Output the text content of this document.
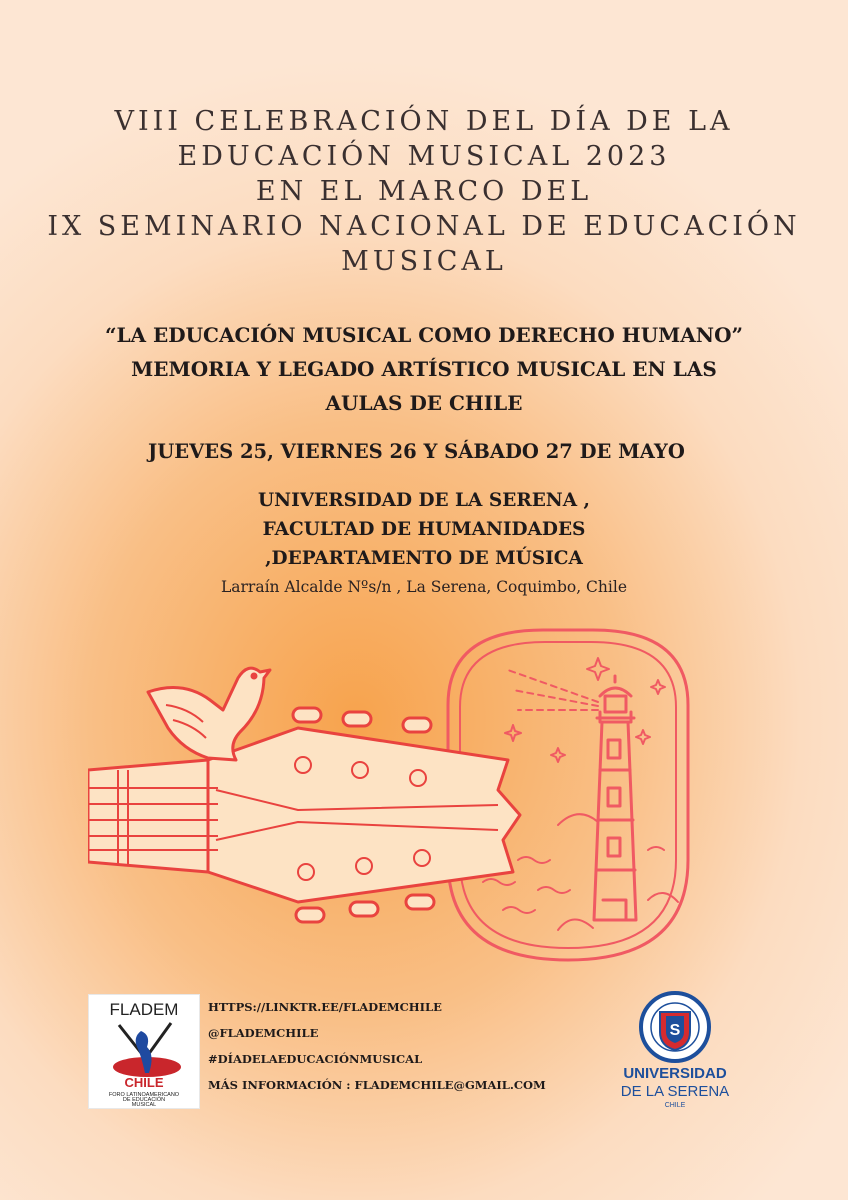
VIII CELEBRACIÓN DEL DÍA DE LA
EDUCACIÓN MUSICAL 2023
EN EL MARCO DEL
IX SEMINARIO NACIONAL DE EDUCACIÓN
MUSICAL
“LA EDUCACIÓN MUSICAL COMO DERECHO HUMANO”
MEMORIA Y LEGADO ARTÍSTICO MUSICAL EN LAS
AULAS DE CHILE
JUEVES 25, VIERNES 26 Y SÁBADO 27 DE MAYO
UNIVERSIDAD DE LA SERENA ,
FACULTAD DE HUMANIDADES
,DEPARTAMENTO DE MÚSICA
Larraín Alcalde Nºs/n , La Serena, Coquimbo, Chile
FLADEM
CHILE
FORO LATINOAMERICANO
DE EDUCACIÓN
MUSICAL
HTTPS://LINKTR.EE/FLADEMCHILE
@FLADEMCHILE
#DÍADELAEDUCACIÓNMUSICAL
MÁS INFORMACIÓN : FLADEMCHILE@GMAIL.COM
S
UNIVERSIDAD
DE LA SERENA
CHILE
